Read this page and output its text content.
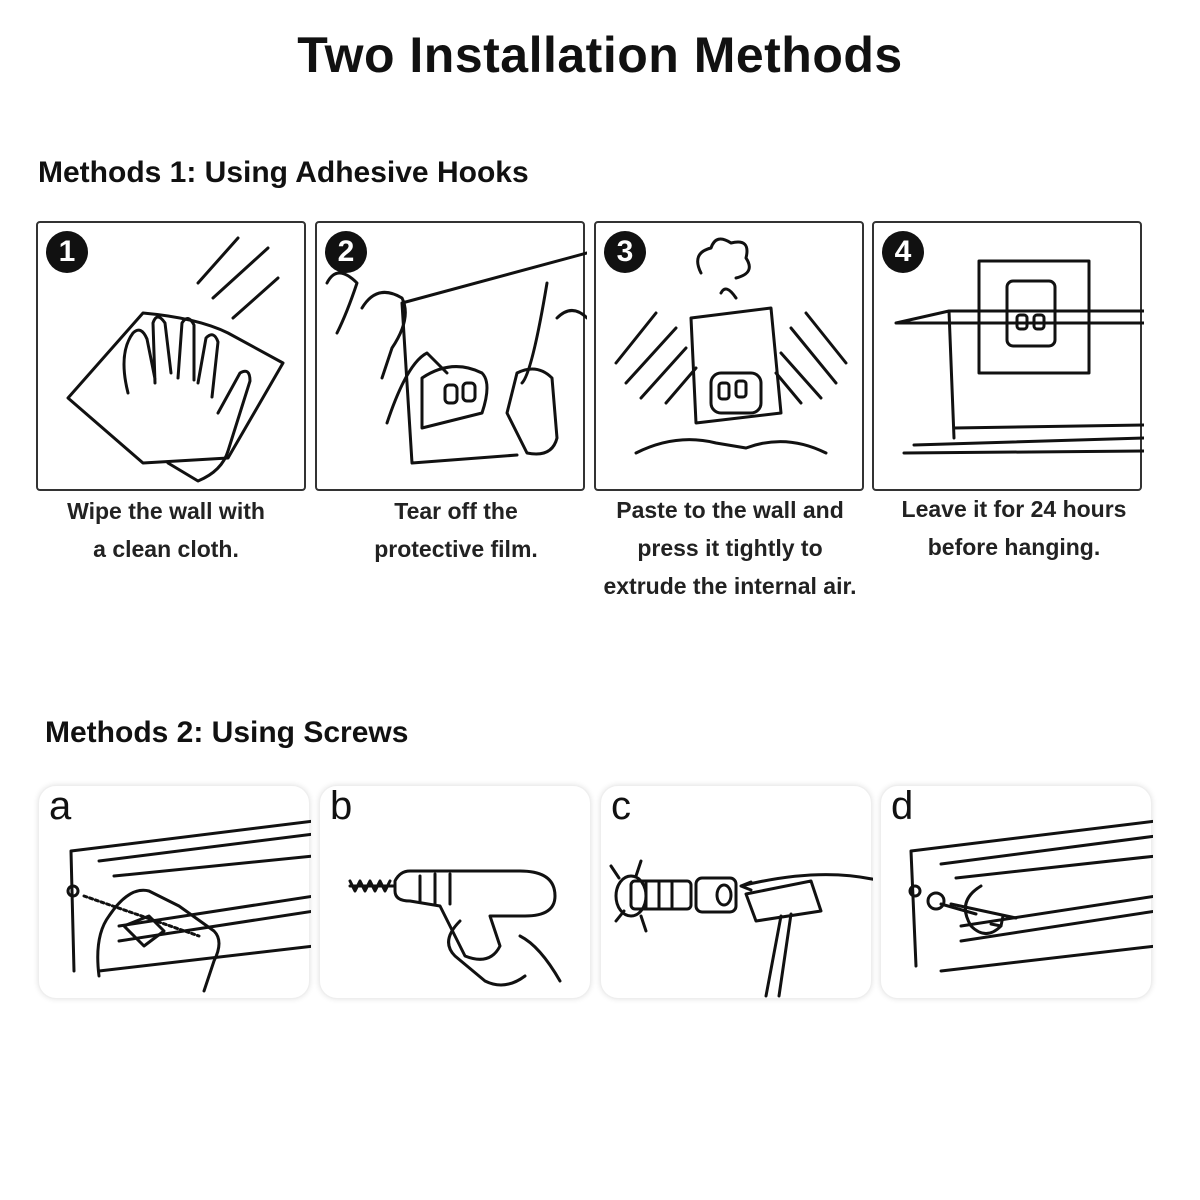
Two Installation Methods
Methods 1: Using Adhesive Hooks
1	2	3	4
Wipe the wall with
a clean cloth.
Tear off the
protective film.
Paste to the wall and
press it tightly to
extrude the internal air.
Leave it for 24 hours
before hanging.
Methods 2: Using Screws
a	b	c	d
